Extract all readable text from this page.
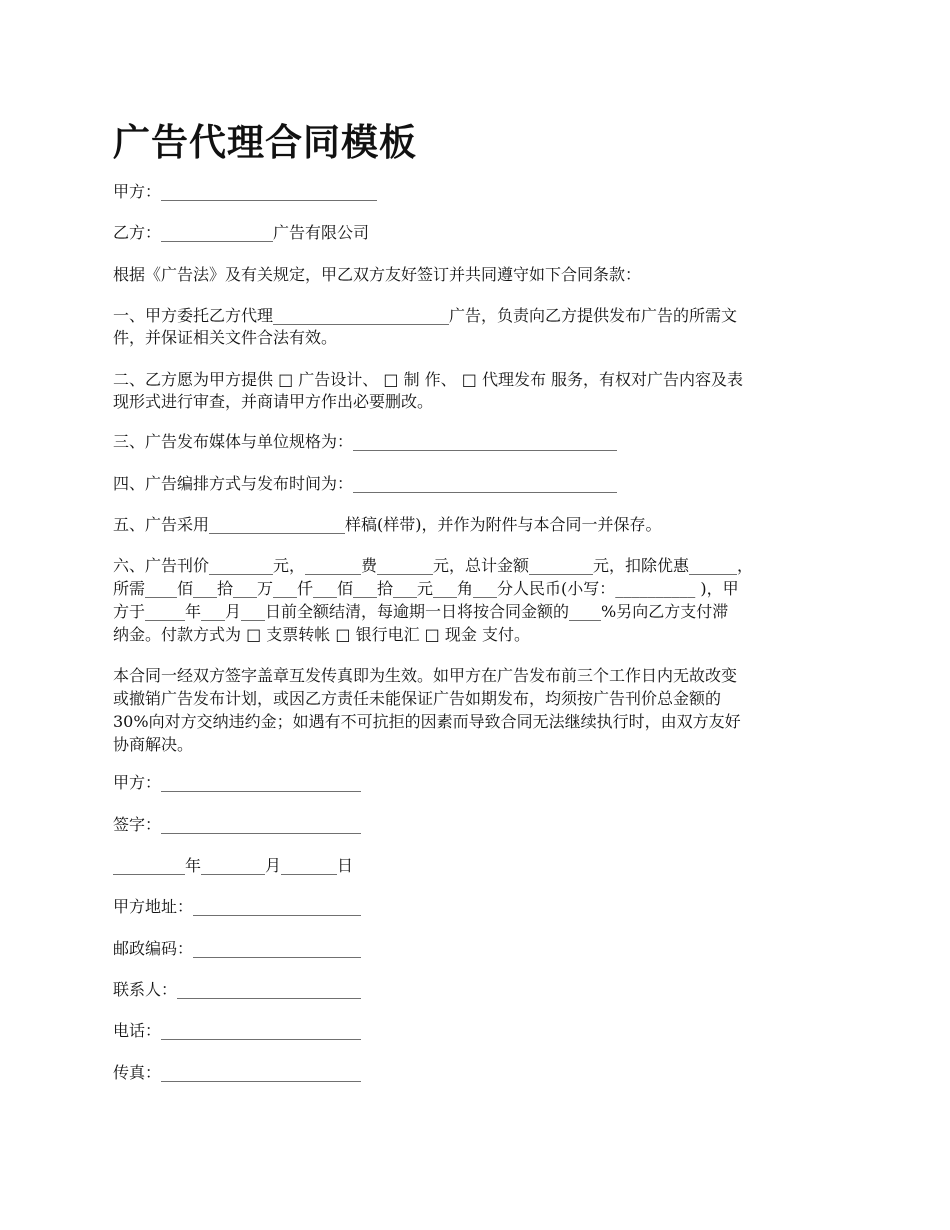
广告代理合同模板

甲方：___________________________

乙方：______________广告有限公司

根据《广告法》及有关规定，甲乙双方友好签订并共同遵守如下合同条款：

一、甲方委托乙方代理______________________广告，负责向乙方提供发布广告的所需文

件，并保证相关文件合法有效。

二、乙方愿为甲方提供 □ 广告设计、 □ 制 作、 □ 代理发布 服务，有权对广告内容及表

现形式进行审查，并商请甲方作出必要删改。

三、广告发布媒体与单位规格为：_________________________________

四、广告编排方式与发布时间为：_________________________________

五、广告采用_________________样稿(样带)，并作为附件与本合同一并保存。

六、广告刊价________元，_______费_______元，总计金额________元，扣除优惠______，

所需____佰___拾___万___仟___佰___拾___元___角___分人民币(小写：__________ )，甲

方于_____年___月___日前全额结清，每逾期一日将按合同金额的____%另向乙方支付滞

纳金。付款方式为 □ 支票转帐 □ 银行电汇 □ 现金 支付。

本合同一经双方签字盖章互发传真即为生效。如甲方在广告发布前三个工作日内无故改变

或撤销广告发布计划，或因乙方责任未能保证广告如期发布，均须按广告刊价总金额的

30%向对方交纳违约金；如遇有不可抗拒的因素而导致合同无法继续执行时，由双方友好

协商解决。

甲方：_________________________

签字：_________________________

_________年________月_______日

甲方地址：_____________________

邮政编码：_____________________

联系人：_______________________

电话：_________________________

传真：_________________________
